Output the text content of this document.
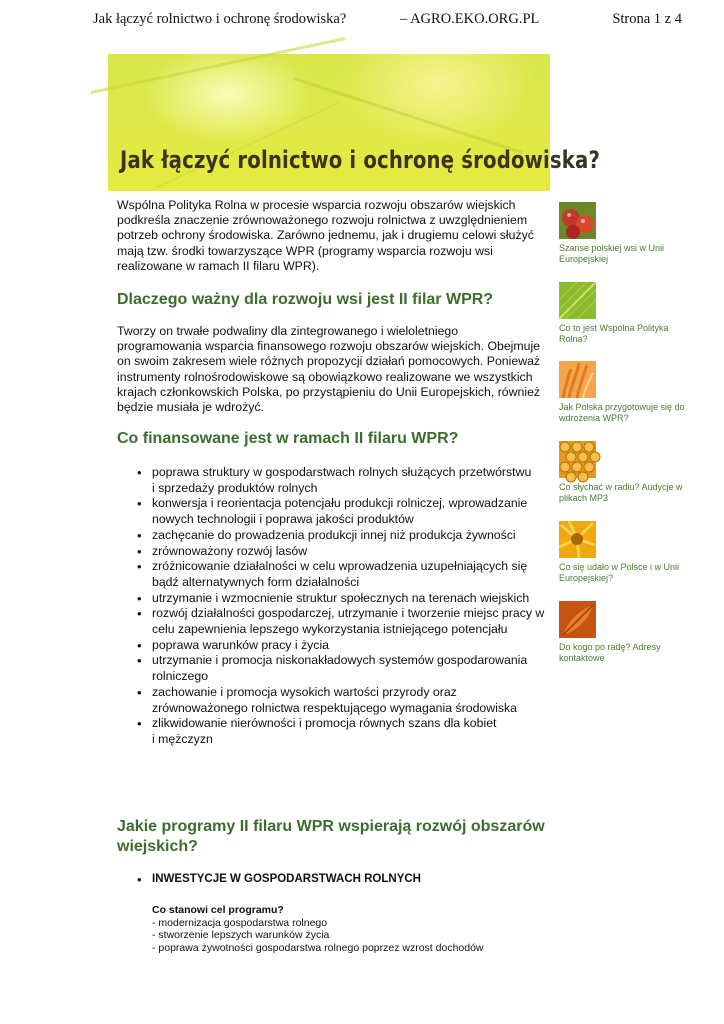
Jak łączyć rolnictwo i ochronę środowiska?	– AGRO.EKO.ORG.PL	Strona 1 z 4
Jak łączyć rolnictwo i ochronę środowiska?

Wspólna Polityka Rolna w procesie wsparcia rozwoju obszarów wiejskich podkreśla znaczenie zrównoważonego rozwoju rolnictwa z uwzględnieniem potrzeb ochrony środowiska. Zarówno jednemu, jak i drugiemu celowi służyć mają tzw. środki towarzyszące WPR (programy wsparcia rozwoju wsi realizowane w ramach II filaru WPR).

Dlaczego ważny dla rozwoju wsi jest II filar WPR?

Tworzy on trwałe podwaliny dla zintegrowanego i wieloletniego programowania wsparcia finansowego rozwoju obszarów wiejskich. Obejmuje on swoim zakresem wiele różnych propozycji działań pomocowych. Ponieważ instrumenty rolnośrodowiskowe są obowiązkowo realizowane we wszystkich krajach członkowskich Polska, po przystąpieniu do Unii Europejskich, również będzie musiała je wdrożyć.

Co finansowane jest w ramach II filaru WPR?
• poprawa struktury w gospodarstwach rolnych służących przetwórstwu
i sprzedaży produktów rolnych
• konwersja i reorientacja potencjału produkcji rolniczej, wprowadzanie nowych technologii i poprawa jakości produktów
• zachęcanie do prowadzenia produkcji innej niż produkcja żywności
• zrównoważony rozwój lasów
• zróżnicowanie działalności w celu wprowadzenia uzupełniających się bądź alternatywnych form działalności
• utrzymanie i wzmocnienie struktur społecznych na terenach wiejskich
• rozwój działalności gospodarczej, utrzymanie i tworzenie miejsc pracy w celu zapewnienia lepszego wykorzystania istniejącego potencjału
• poprawa warunków pracy i życia
• utrzymanie i promocja niskonakładowych systemów gospodarowania rolniczego
• zachowanie i promocja wysokich wartości przyrody oraz zrównoważonego rolnictwa respektującego wymagania środowiska
• zlikwidowanie nierówności i promocja równych szans dla kobiet
i mężczyzn
Jakie programy II filaru WPR wspierają rozwój obszarów wiejskich?
• INWESTYCJE W GOSPODARSTWACH ROLNYCH
Co stanowi cel programu?
- modernizacja gospodarstwa rolnego
- stworzenie lepszych warunków życia
- poprawa żywotności gospodarstwa rolnego poprzez wzrost dochodów
Szanse polskiej wsi w Unii Europejskiej
Co to jest Wspólna Polityka Rolna?
Jak Polska przygotowuje się do wdrożenia WPR?
Co słychać w radiu? Audycje w plikach MP3
Co się udało w Polsce i w Unii Europejskiej?
Do kogo po radę? Adresy kontaktowe
